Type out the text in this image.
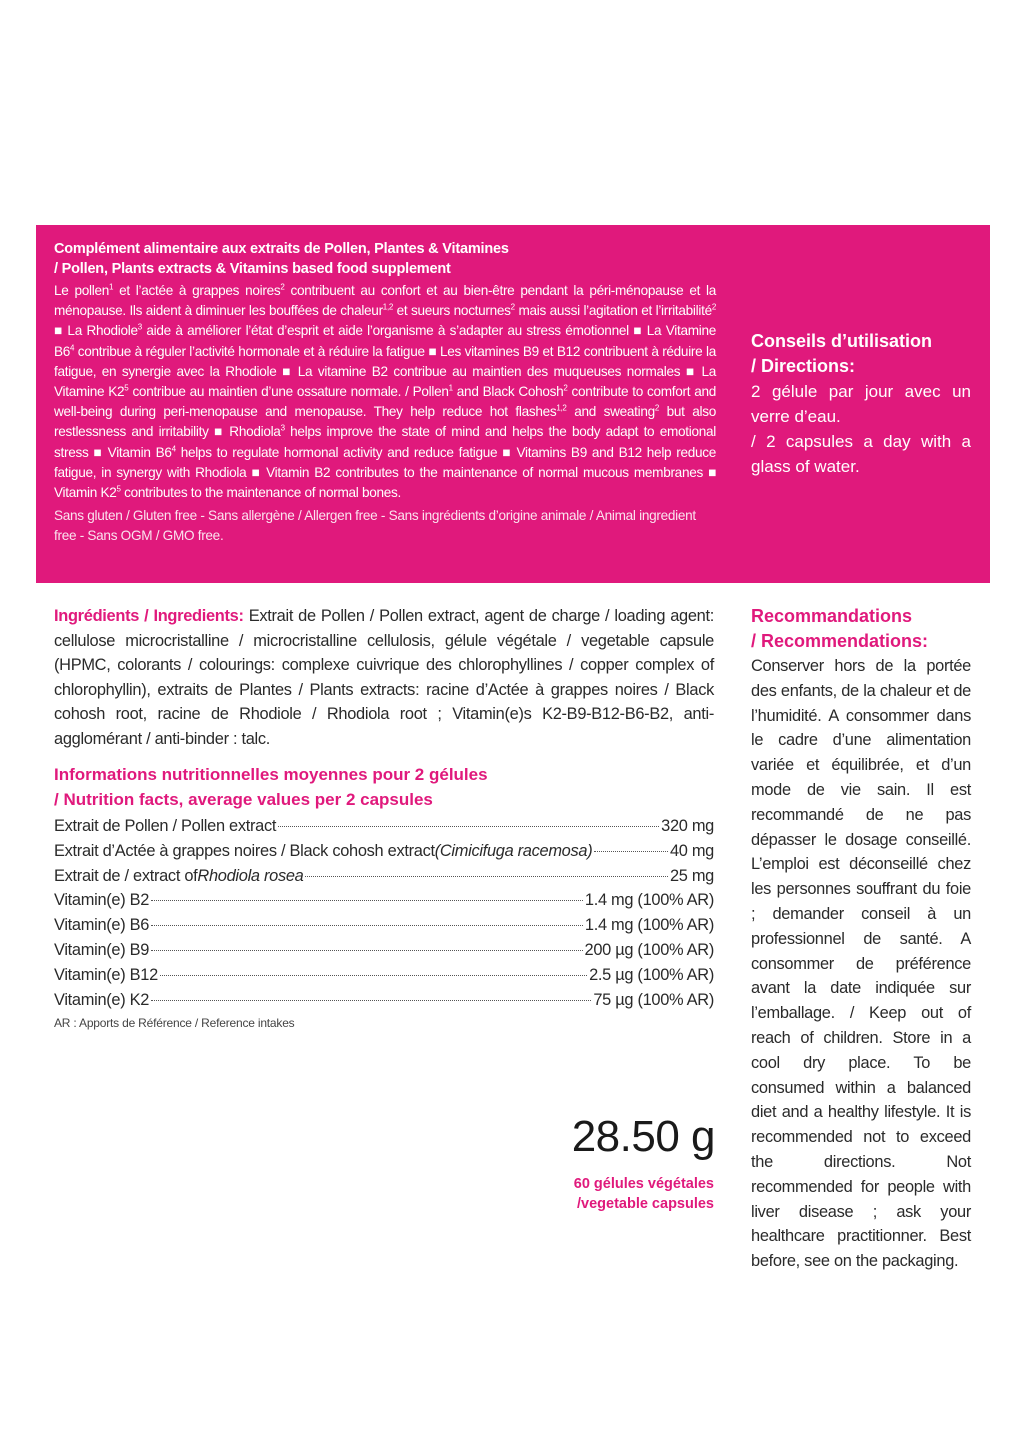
Complément alimentaire aux extraits de Pollen, Plantes & Vitamines
/ Pollen, Plants extracts & Vitamins based food supplement
Le pollen$^1$ et l’actée à grappes noires$^2$ contribuent au confort et au bien-être pendant la péri-ménopause et la ménopause. Ils aident à diminuer les bouffées de chaleur$^{1,2}$ et sueurs nocturnes$^2$ mais aussi l’agitation et l’irritabilité$^2$ ■ La Rhodiole$^3$ aide à améliorer l’état d’esprit et aide l’organisme à s’adapter au stress émotionnel ■ La Vitamine $B6^4$ contribue à réguler l’activité hormonale et à réduire la fatigue ■ Les vitamines B9 et B12 contribuent à réduire la fatigue, en synergie avec la Rhodiole ■ La vitamine B2 contribue au maintien des muqueuses normales ■ La Vitamine $K2^5$ contribue au maintien d’une ossature normale. / Pollen$^1$ and Black Cohosh$^2$ contribute to comfort and well-being during peri-menopause and menopause. They help reduce hot flashes$^{1,2}$ and sweating$^2$ but also restlessness and irritability ■ Rhodiola$^3$ helps improve the state of mind and helps the body adapt to emotional stress ■ Vitamin $B6^4$ helps to regulate hormonal activity and reduce fatigue ■ Vitamins B9 and B12 help reduce fatigue, in synergy with Rhodiola ■ Vitamin B2 contributes to the maintenance of normal mucous membranes ■ Vitamin $K2^5$ contributes to the maintenance of normal bones.
Sans gluten / Gluten free - Sans allergène / Allergen free - Sans ingrédients d’origine animale / Animal ingredient free - Sans OGM / GMO free.
Conseils d’utilisation
/ Directions:
2 gélule par jour avec un verre d’eau.
/ 2 capsules a day with a glass of water.
Ingrédients / Ingredients: Extrait de Pollen / Pollen extract, agent de charge / loading agent: cellulose microcristalline / microcristalline cellulosis, gélule végétale / vegetable capsule (HPMC, colorants / colourings: complexe cuivrique des chlorophyllines / copper complex of chlorophyllin), extraits de Plantes / Plants extracts: racine d’Actée à grappes noires / Black cohosh root, racine de Rhodiole / Rhodiola root ; Vitamin(e)s K2-B9-B12-B6-B2, anti-agglomérant / anti-binder : talc.
Informations nutritionnelles moyennes pour 2 gélules
/ Nutrition facts, average values per 2 capsules
Extrait de Pollen / Pollen extract	320 mg
Extrait d’Actée à grappes noires / Black cohosh extract (Cimicifuga racemosa)	40 mg
Extrait de / extract of Rhodiola rosea	25 mg
Vitamin(e) B2	1.4 mg (100% AR)
Vitamin(e) B6	1.4 mg (100% AR)
Vitamin(e) B9	200 µg (100% AR)
Vitamin(e) B12	2.5 µg (100% AR)
Vitamin(e) K2	75 µg (100% AR)
AR : Apports de Référence / Reference intakes
28.50 g
60 gélules végétales
/vegetable capsules
Recommandations
/ Recommendations:
Conserver hors de la portée des enfants, de la chaleur et de l’humidité. A consommer dans le cadre d’une alimentation variée et équilibrée, et d’un mode de vie sain. Il est recommandé de ne pas dépasser le dosage conseillé. L’emploi est déconseillé chez les personnes souffrant du foie ; demander conseil à un professionnel de santé. A consommer de préférence avant la date indiquée sur l’emballage. / Keep out of reach of children. Store in a cool dry place. To be consumed within a balanced diet and a healthy lifestyle. It is recommended not to exceed the directions. Not recommended for people with liver disease ; ask your healthcare practitionner. Best before, see on the packaging.
